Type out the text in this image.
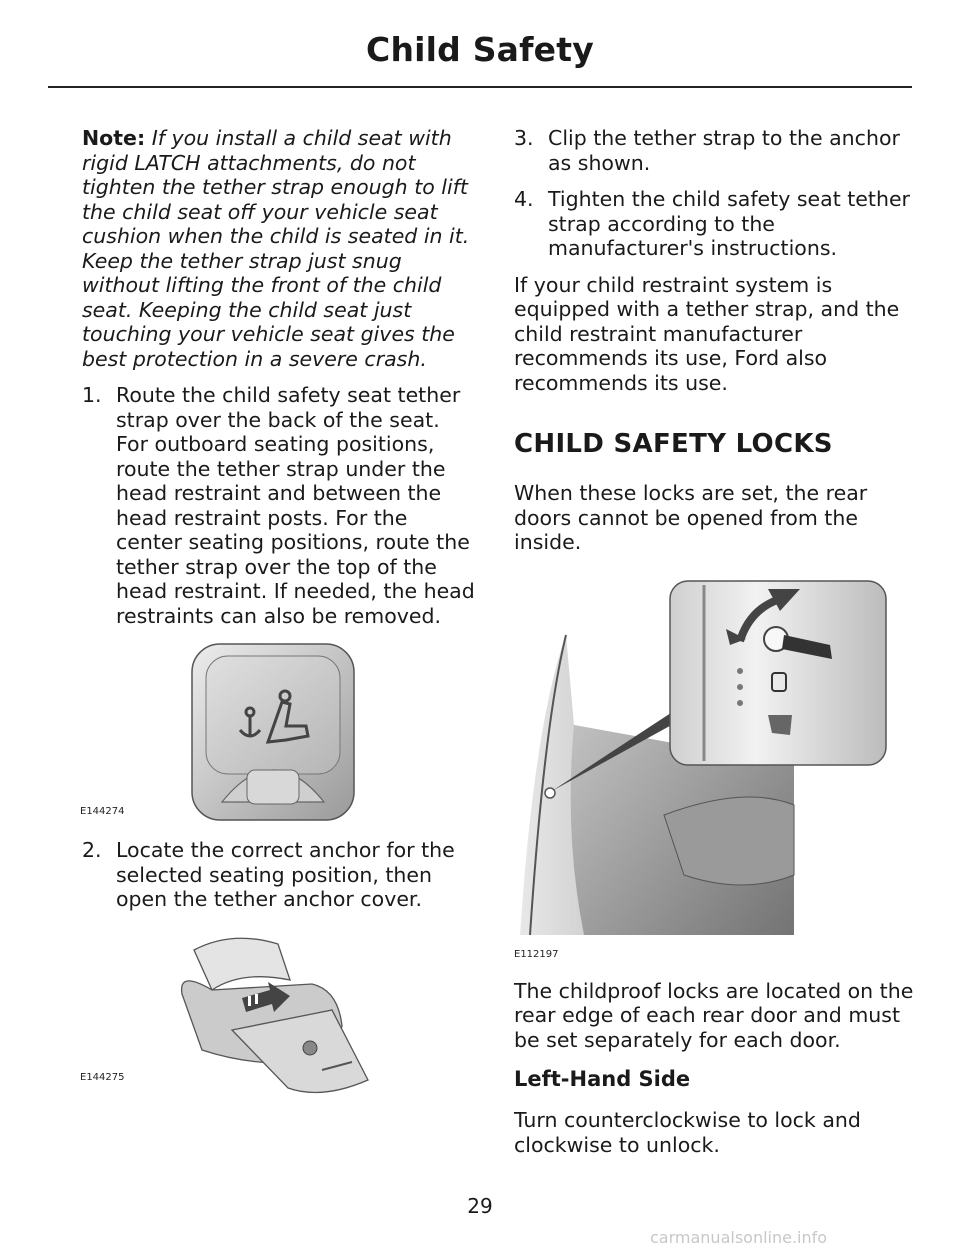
Child Safety

Note: If you install a child seat with rigid LATCH attachments, do not tighten the tether strap enough to lift the child seat off your vehicle seat cushion when the child is seated in it. Keep the tether strap just snug without lifting the front of the child seat. Keeping the child seat just touching your vehicle seat gives the best protection in a severe crash.

1. Route the child safety seat tether strap over the back of the seat. For outboard seating positions, route the tether strap under the head restraint and between the head restraint posts. For the center seating positions, route the tether strap over the top of the head restraint. If needed, the head restraints can also be removed.
E144274
2. Locate the correct anchor for the selected seating position, then open the tether anchor cover.
E144275
3. Clip the tether strap to the anchor as shown.
4. Tighten the child safety seat tether strap according to the manufacturer's instructions.

If your child restraint system is equipped with a tether strap, and the child restraint manufacturer recommends its use, Ford also recommends its use.

CHILD SAFETY LOCKS

When these locks are set, the rear doors cannot be opened from the inside.

E112197

The childproof locks are located on the rear edge of each rear door and must be set separately for each door.

Left-Hand Side

Turn counterclockwise to lock and clockwise to unlock.

29
carmanualsonline.info
